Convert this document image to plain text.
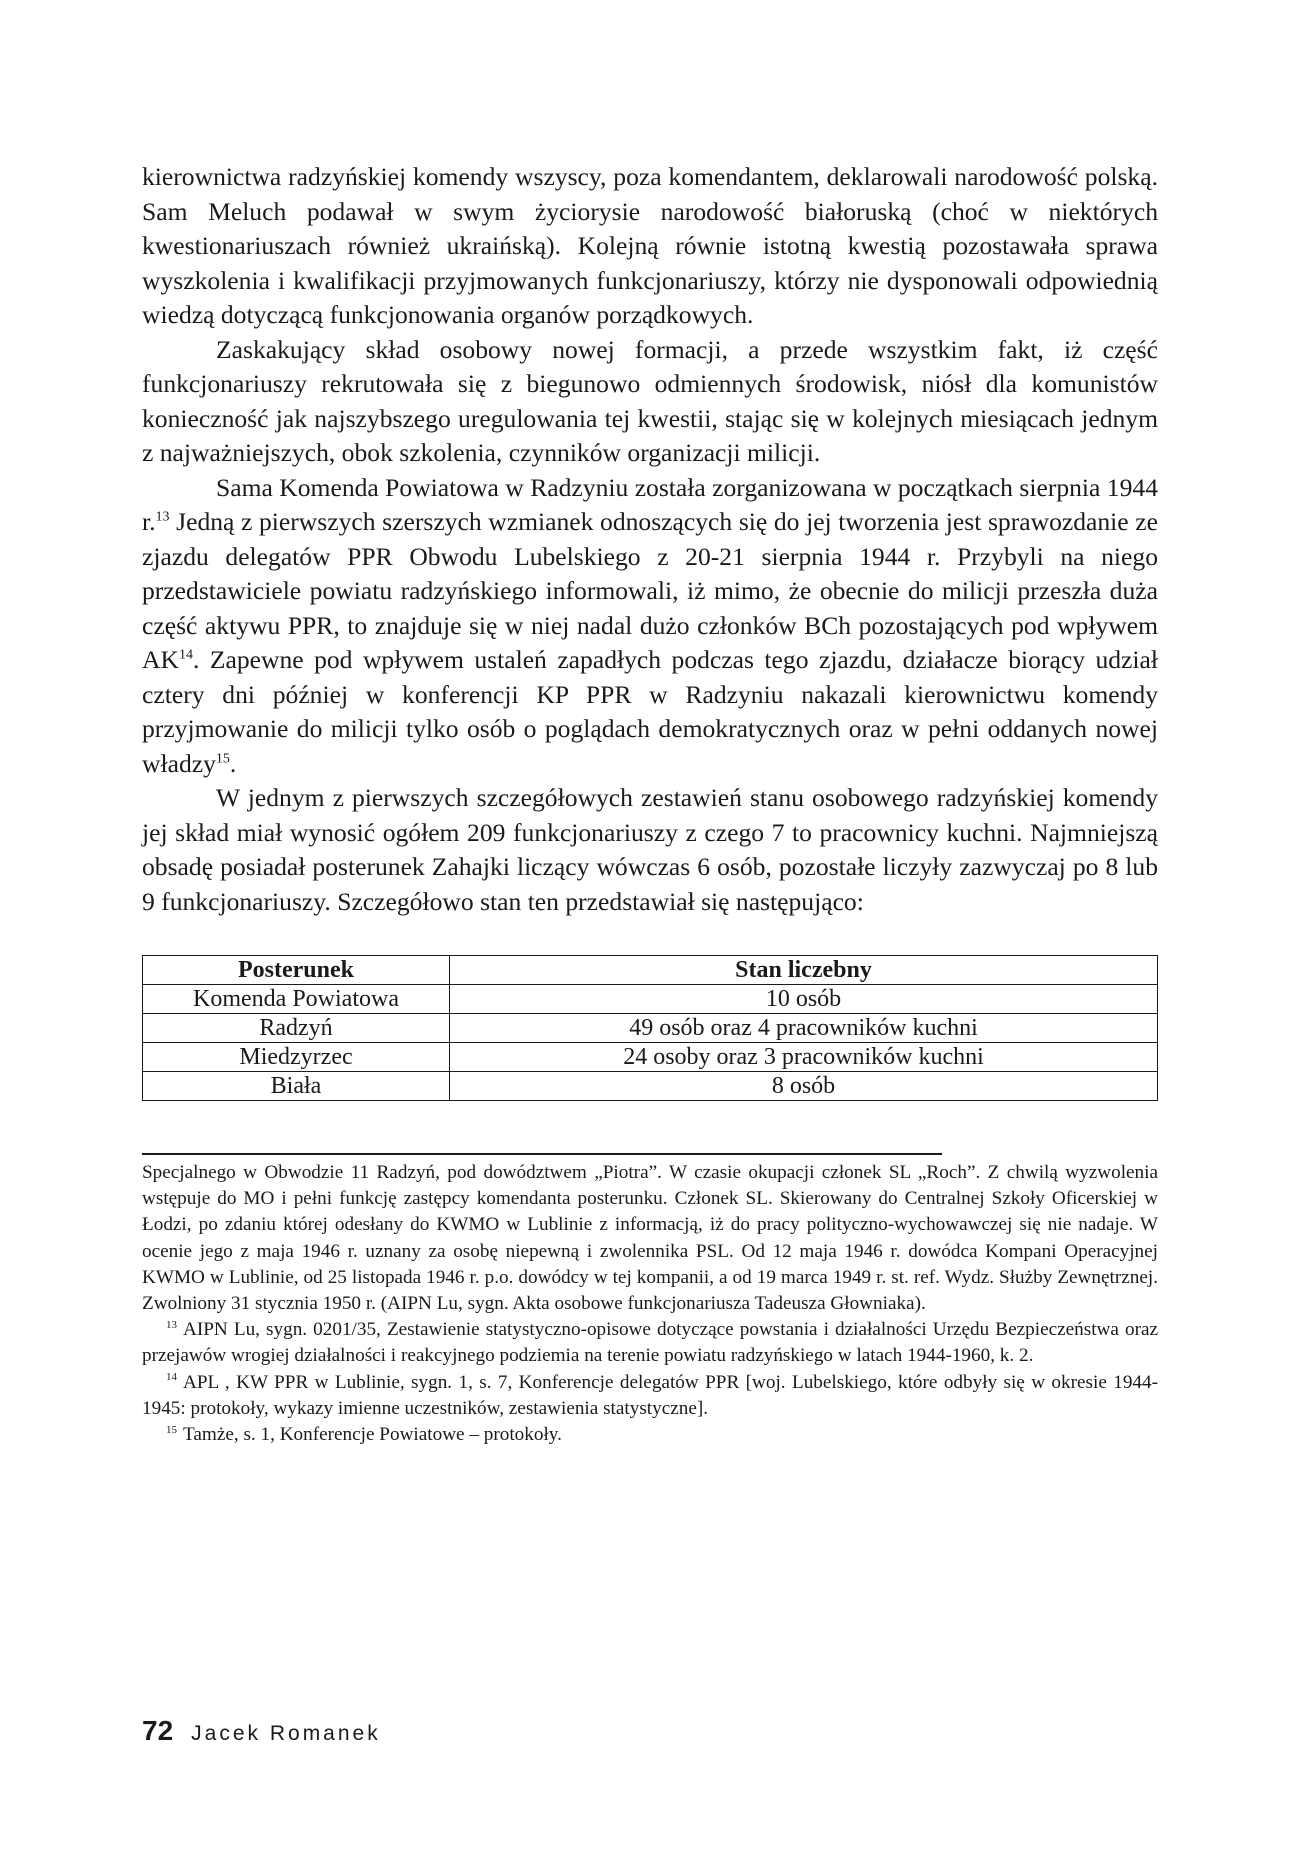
kierownictwa radzyńskiej komendy wszyscy, poza komendantem, deklarowali narodowość polską. Sam Meluch podawał w swym życiorysie narodowość białoruską (choć w niektórych kwestionariuszach również ukraińską). Kolejną równie istotną kwestią pozostawała sprawa wyszkolenia i kwalifikacji przyjmowanych funkcjonariuszy, którzy nie dysponowali odpowiednią wiedzą dotyczącą funkcjonowania organów porządkowych.

Zaskakujący skład osobowy nowej formacji, a przede wszystkim fakt, iż część funkcjonariuszy rekrutowała się z biegunowo odmiennych środowisk, niósł dla komunistów konieczność jak najszybszego uregulowania tej kwestii, stając się w kolejnych miesiącach jednym z najważniejszych, obok szkolenia, czynników organizacji milicji.

Sama Komenda Powiatowa w Radzyniu została zorganizowana w początkach sierpnia 1944 r.$^{13}$ Jedną z pierwszych szerszych wzmianek odnoszących się do jej tworzenia jest sprawozdanie ze zjazdu delegatów PPR Obwodu Lubelskiego z 20-21 sierpnia 1944 r. Przybyli na niego przedstawiciele powiatu radzyńskiego informowali, iż mimo, że obecnie do milicji przeszła duża część aktywu PPR, to znajduje się w niej nadal dużo członków BCh pozostających pod wpływem AK$^{14}$. Zapewne pod wpływem ustaleń zapadłych podczas tego zjazdu, działacze biorący udział cztery dni później w konferencji KP PPR w Radzyniu nakazali kierownictwu komendy przyjmowanie do milicji tylko osób o poglądach demokratycznych oraz w pełni oddanych nowej władzy$^{15}$.

W jednym z pierwszych szczegółowych zestawień stanu osobowego radzyńskiej komendy jej skład miał wynosić ogółem 209 funkcjonariuszy z czego 7 to pracownicy kuchni. Najmniejszą obsadę posiadał posterunek Zahajki liczący wówczas 6 osób, pozostałe liczyły zazwyczaj po 8 lub 9 funkcjonariuszy. Szczegółowo stan ten przedstawiał się następująco:

Posterunek	Stan liczebny
Komenda Powiatowa	10 osób
Radzyń	49 osób oraz 4 pracowników kuchni
Miedzyrzec	24 osoby oraz 3 pracowników kuchni
Biała	8 osób

Specjalnego w Obwodzie 11 Radzyń, pod dowództwem „Piotra”. W czasie okupacji członek SL „Roch”. Z chwilą wyzwolenia wstępuje do MO i pełni funkcję zastępcy komendanta posterunku. Członek SL. Skierowany do Centralnej Szkoły Oficerskiej w Łodzi, po zdaniu której odesłany do KWMO w Lublinie z informacją, iż do pracy polityczno-wychowawczej się nie nadaje. W ocenie jego z maja 1946 r. uznany za osobę niepewną i zwolennika PSL. Od 12 maja 1946 r. dowódca Kompani Operacyjnej KWMO w Lublinie, od 25 listopada 1946 r. p.o. dowódcy w tej kompanii, a od 19 marca 1949 r. st. ref. Wydz. Służby Zewnętrznej. Zwolniony 31 stycznia 1950 r. (AIPN Lu, sygn. Akta osobowe funkcjonariusza Tadeusza Głowniaka).

$^{13}$ AIPN Lu, sygn. 0201/35, Zestawienie statystyczno-opisowe dotyczące powstania i działalności Urzędu Bezpieczeństwa oraz przejawów wrogiej działalności i reakcyjnego podziemia na terenie powiatu radzyńskiego w latach 1944-1960, k. 2.

$^{14}$ APL , KW PPR w Lublinie, sygn. 1, s. 7, Konferencje delegatów PPR [woj. Lubelskiego, które odbyły się w okresie 1944-1945: protokoły, wykazy imienne uczestników, zestawienia statystyczne].

$^{15}$ Tamże, s. 1, Konferencje Powiatowe – protokoły.

72 Jacek Romanek
